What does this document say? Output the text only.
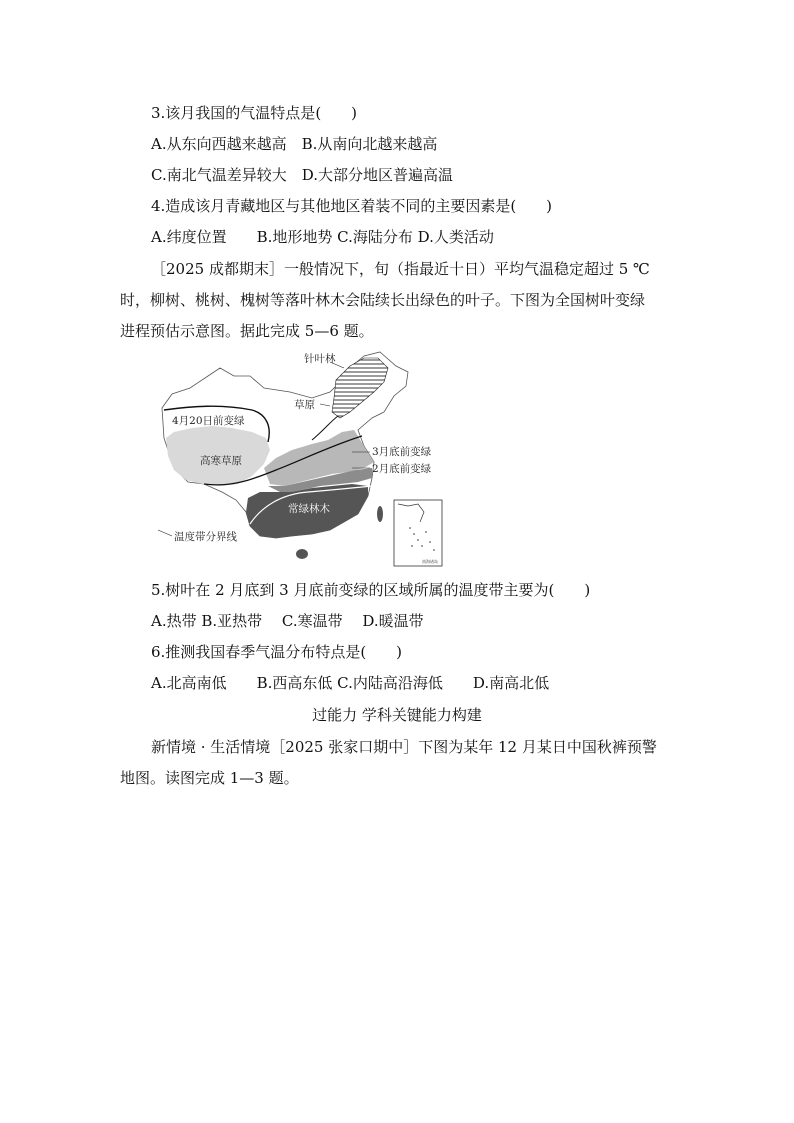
3.该月我国的气温特点是(　　)
A.从东向西越来越高　B.从南向北越来越高
C.南北气温差异较大　D.大部分地区普遍高温
4.造成该月青藏地区与其他地区着装不同的主要因素是(　　)
A.纬度位置　　B.地形地势 C.海陆分布 D.人类活动
［2025 成都期末］一般情况下，旬（指最近十日）平均气温稳定超过 5 ℃
时，柳树、桃树、槐树等落叶林木会陆续长出绿色的叶子。下图为全国树叶变绿
进程预估示意图。据此完成 5—6 题。
针叶林
草原
4月20日前变绿
高寒草原
3月底前变绿
2月底前变绿
常绿林木
温度带分界线
南海诸岛
5.树叶在 2 月底到 3 月底前变绿的区域所属的温度带主要为(　　)
A.热带 B.亚热带　 C.寒温带　 D.暖温带
6.推测我国春季气温分布特点是(　　)
A.北高南低　　B.西高东低 C.内陆高沿海低　　D.南高北低
过能力 学科关键能力构建
新情境 · 生活情境［2025 张家口期中］下图为某年 12 月某日中国秋裤预警
地图。读图完成 1—3 题。
